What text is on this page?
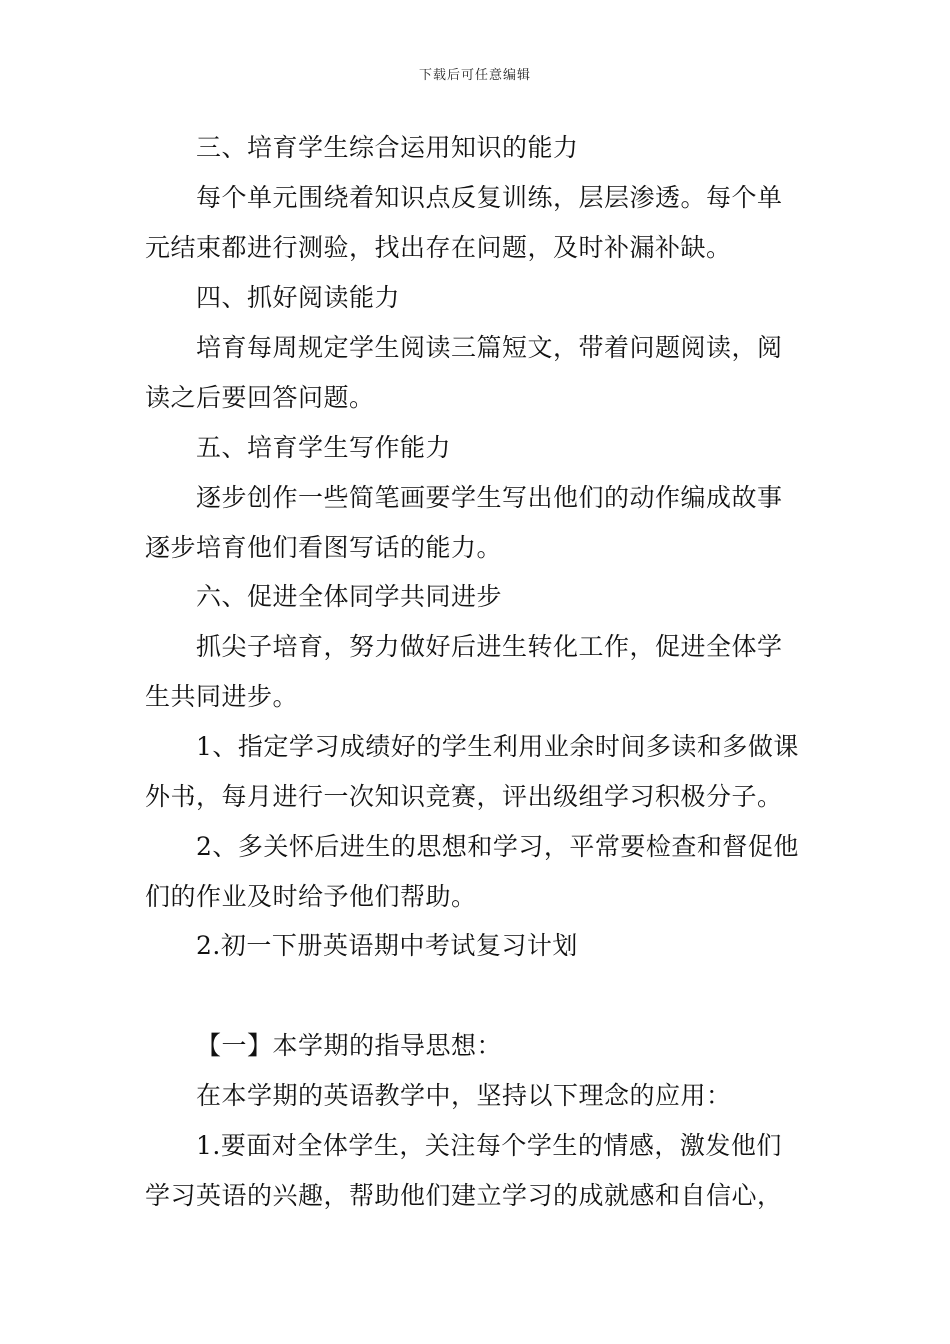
下载后可任意编辑
三、培育学生综合运用知识的能力
每个单元围绕着知识点反复训练，层层渗透。每个单
元结束都进行测验，找出存在问题，及时补漏补缺。
四、抓好阅读能力
培育每周规定学生阅读三篇短文，带着问题阅读，阅
读之后要回答问题。
五、培育学生写作能力
逐步创作一些简笔画要学生写出他们的动作编成故事
逐步培育他们看图写话的能力。
六、促进全体同学共同进步
抓尖子培育，努力做好后进生转化工作，促进全体学
生共同进步。
1、指定学习成绩好的学生利用业余时间多读和多做课
外书，每月进行一次知识竞赛，评出级组学习积极分子。
2、多关怀后进生的思想和学习，平常要检查和督促他
们的作业及时给予他们帮助。
2.初一下册英语期中考试复习计划
【一】本学期的指导思想：
在本学期的英语教学中，坚持以下理念的应用：
1.要面对全体学生，关注每个学生的情感，激发他们
学习英语的兴趣，帮助他们建立学习的成就感和自信心，
